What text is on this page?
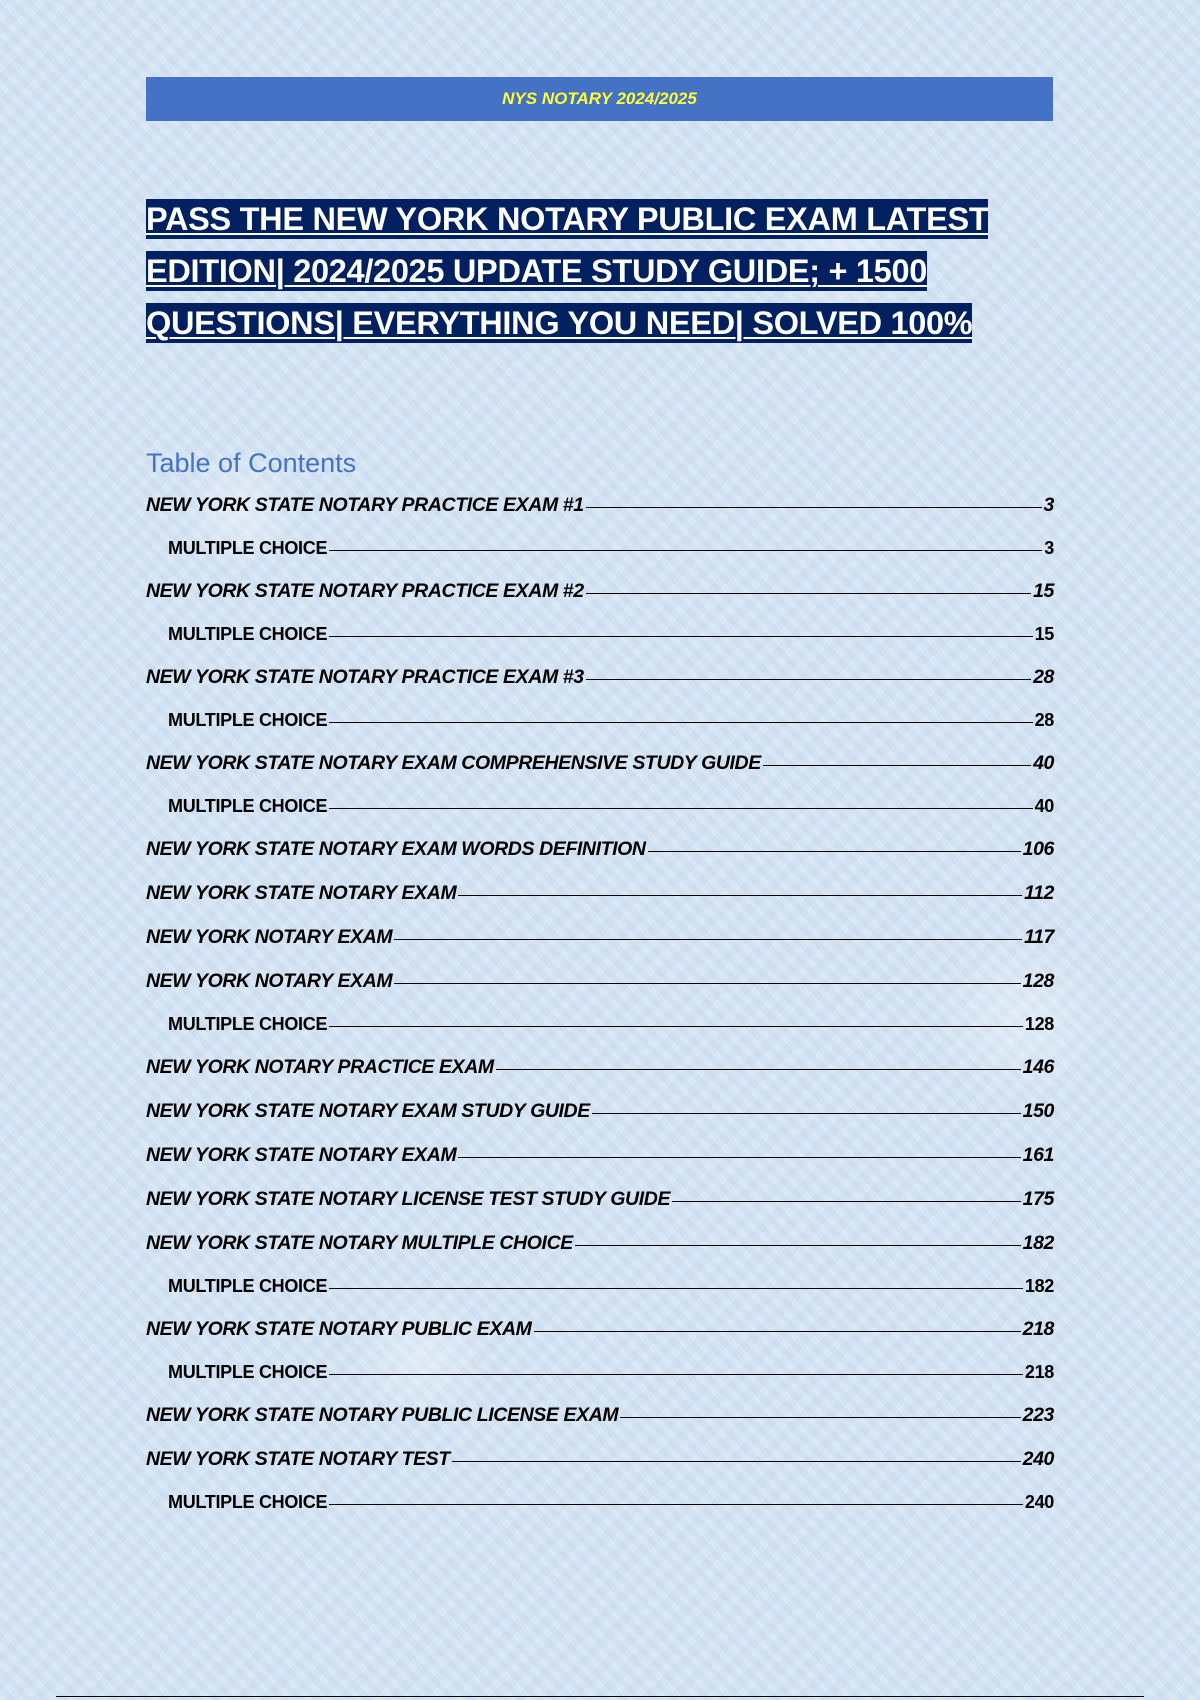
NYS NOTARY 2024/2025
PASS THE NEW YORK NOTARY PUBLIC EXAM LATEST
EDITION| 2024/2025 UPDATE STUDY GUIDE; + 1500
QUESTIONS| EVERYTHING YOU NEED| SOLVED 100%
Table of Contents
NEW YORK STATE NOTARY PRACTICE EXAM #1	3
MULTIPLE CHOICE	3
NEW YORK STATE NOTARY PRACTICE EXAM #2	15
MULTIPLE CHOICE	15
NEW YORK STATE NOTARY PRACTICE EXAM #3	28
MULTIPLE CHOICE	28
NEW YORK STATE NOTARY EXAM COMPREHENSIVE STUDY GUIDE	40
MULTIPLE CHOICE	40
NEW YORK STATE NOTARY EXAM WORDS DEFINITION	106
NEW YORK STATE NOTARY EXAM	112
NEW YORK NOTARY EXAM	117
NEW YORK NOTARY EXAM	128
MULTIPLE CHOICE	128
NEW YORK NOTARY PRACTICE EXAM	146
NEW YORK STATE NOTARY EXAM STUDY GUIDE	150
NEW YORK STATE NOTARY EXAM	161
NEW YORK STATE NOTARY LICENSE TEST STUDY GUIDE	175
NEW YORK STATE NOTARY MULTIPLE CHOICE	182
MULTIPLE CHOICE	182
NEW YORK STATE NOTARY PUBLIC EXAM	218
MULTIPLE CHOICE	218
NEW YORK STATE NOTARY PUBLIC LICENSE EXAM	223
NEW YORK STATE NOTARY TEST	240
MULTIPLE CHOICE	240
